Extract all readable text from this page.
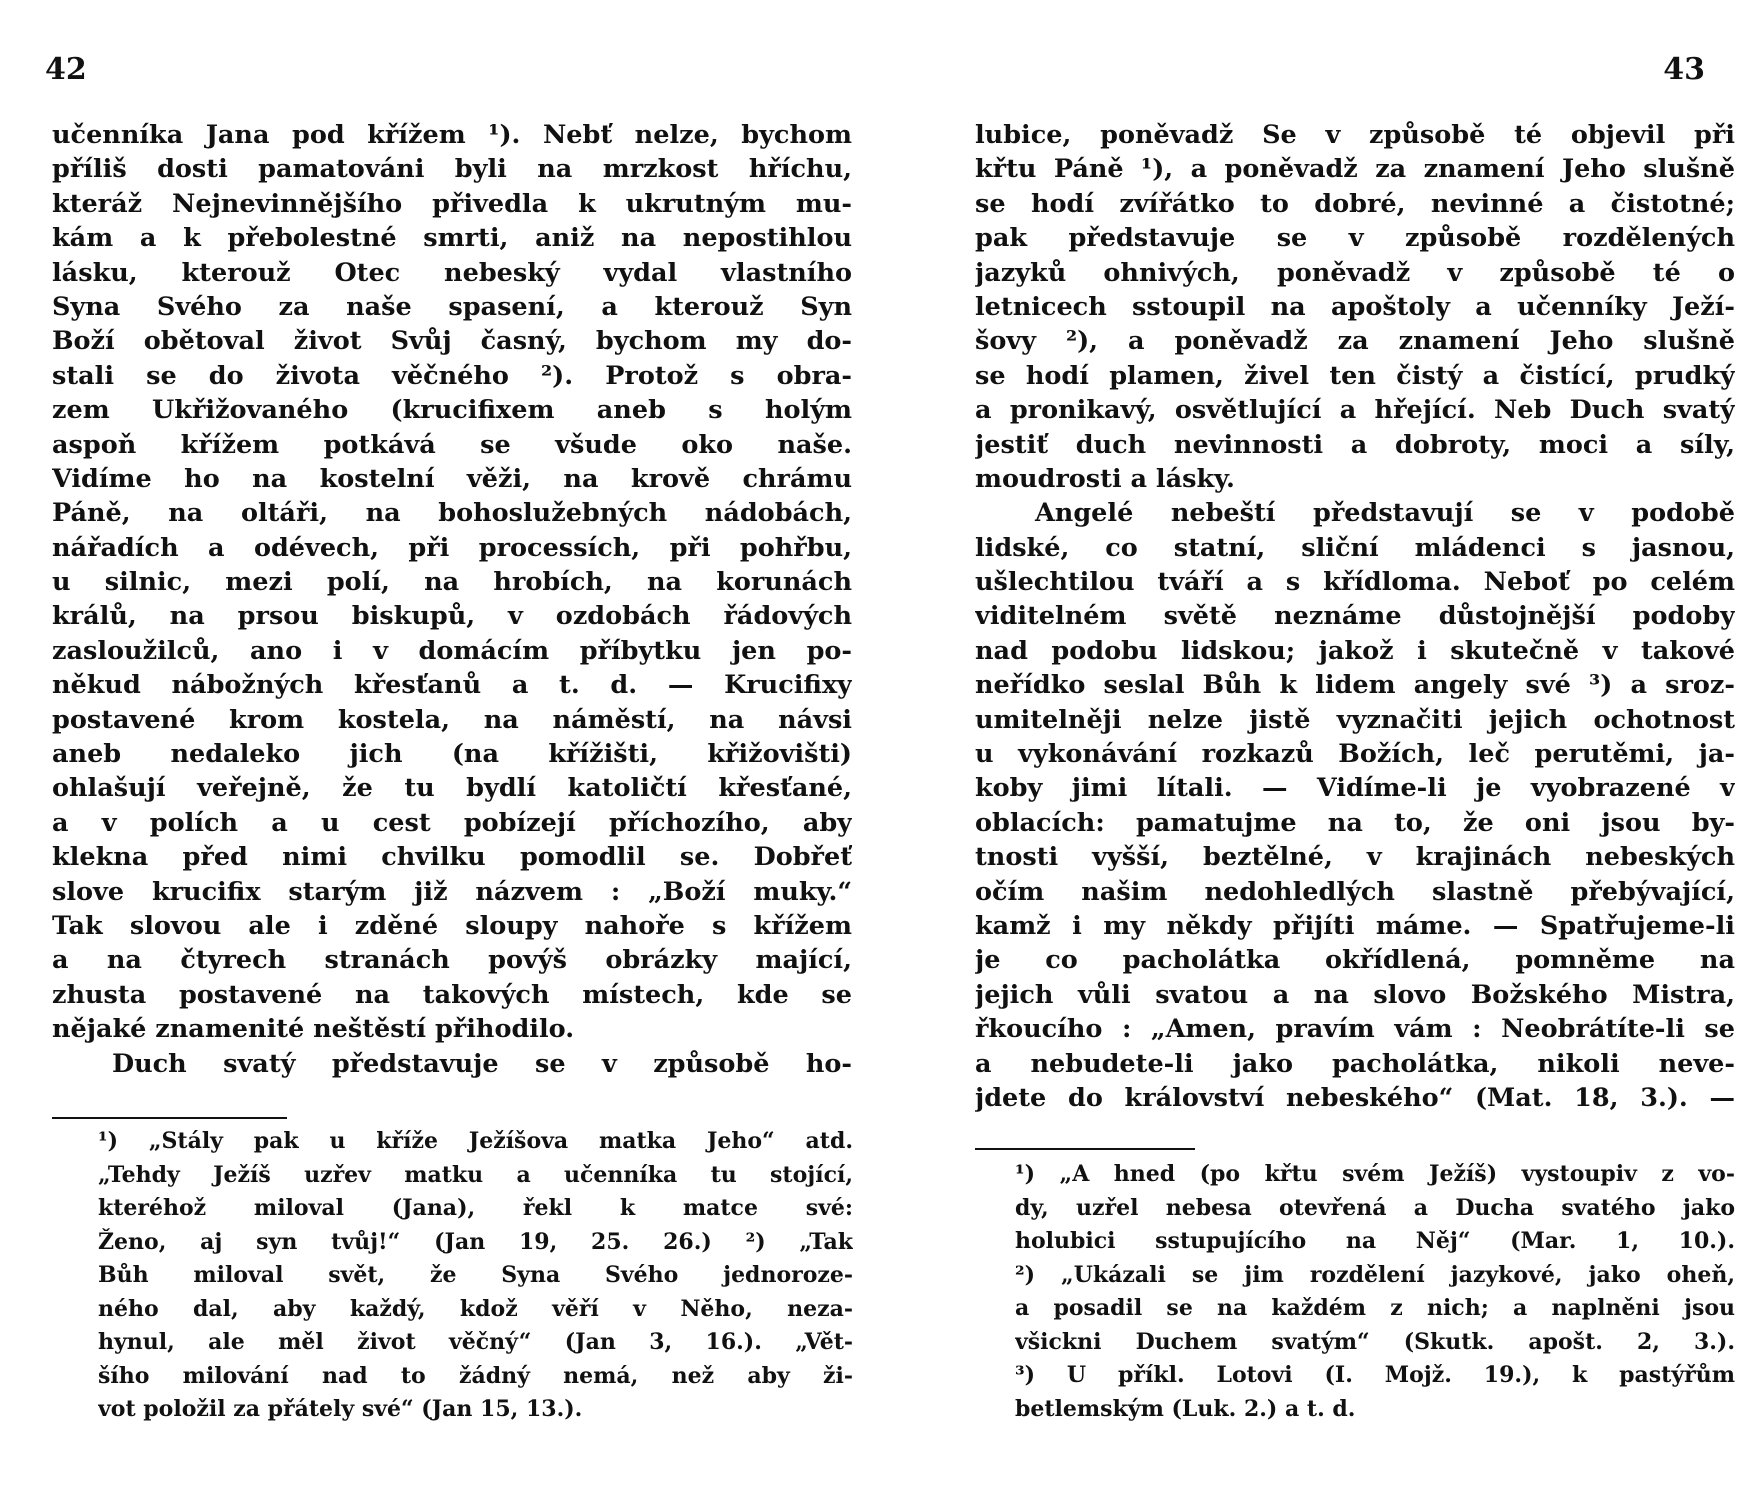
42
učenníka Jana pod křížem ¹). Nebť nelze, bychom
příliš dosti pamatováni byli na mrzkost hříchu,
kteráž Nejnevinnějšího přivedla k ukrutným mu-
kám a k přebolestné smrti, aniž na nepostihlou
lásku, kterouž Otec nebeský vydal vlastního
Syna Svého za naše spasení, a kterouž Syn
Boží obětoval život Svůj časný, bychom my do-
stali se do života věčného ²). Protož s obra-
zem Ukřižovaného (krucifixem aneb s holým
aspoň křížem potkává se všude oko naše.
Vidíme ho na kostelní věži, na krově chrámu
Páně, na oltáři, na bohoslužebných nádobách,
nářadích a odévech, při processích, při pohřbu,
u silnic, mezi polí, na hrobích, na korunách
králů, na prsou biskupů, v ozdobách řádových
zasloužilců, ano i v domácím příbytku jen po-
někud nábožných křesťanů a t. d. — Krucifixy
postavené krom kostela, na náměstí, na návsi
aneb nedaleko jich (na křížišti, křižovišti)
ohlašují veřejně, že tu bydlí katoličtí křesťané,
a v polích a u cest pobízejí příchozího, aby
klekna před nimi chvilku pomodlil se. Dobřeť
slove krucifix starým již názvem : „Boží muky.“
Tak slovou ale i zděné sloupy nahoře s křížem
a na čtyrech stranách povýš obrázky mající,
zhusta postavené na takových místech, kde se
nějaké znamenité neštěstí přihodilo.
Duch svatý představuje se v způsobě ho-
¹) „Stály pak u kříže Ježíšova matka Jeho“ atd.
„Tehdy Ježíš uzřev matku a učenníka tu stojící,
kteréhož miloval (Jana), řekl k matce své:
Ženo, aj syn tvůj!“ (Jan 19, 25. 26.) ²) „Tak
Bůh miloval svět, že Syna Svého jednoroze-
ného dal, aby každý, kdož věří v Něho, neza-
hynul, ale měl život věčný“ (Jan 3, 16.). „Vět-
šího milování nad to žádný nemá, než aby ži-
vot položil za přátely své“ (Jan 15, 13.).
43
lubice, poněvadž Se v způsobě té objevil při
křtu Páně ¹), a poněvadž za znamení Jeho slušně
se hodí zvířátko to dobré, nevinné a čistotné;
pak představuje se v způsobě rozdělených
jazyků ohnivých, poněvadž v způsobě té o
letnicech sstoupil na apoštoly a učenníky Ježí-
šovy ²), a poněvadž za znamení Jeho slušně
se hodí plamen, živel ten čistý a čistící, prudký
a pronikavý, osvětlující a hřející. Neb Duch svatý
jestiť duch nevinnosti a dobroty, moci a síly,
moudrosti a lásky.
Angelé nebeští představují se v podobě
lidské, co statní, sliční mládenci s jasnou,
ušlechtilou tváří a s křídloma. Neboť po celém
viditelném světě neznáme důstojnější podoby
nad podobu lidskou; jakož i skutečně v takové
neřídko seslal Bůh k lidem angely své ³) a sroz-
umitelněji nelze jistě vyznačiti jejich ochotnost
u vykonávání rozkazů Božích, leč perutěmi, ja-
koby jimi lítali. — Vidíme-li je vyobrazené v
oblacích: pamatujme na to, že oni jsou by-
tnosti vyšší, beztělné, v krajinách nebeských
očím našim nedohledlých slastně přebývající,
kamž i my někdy přijíti máme. — Spatřujeme-li
je co pacholátka okřídlená, pomněme na
jejich vůli svatou a na slovo Božského Mistra,
řkoucího : „Amen, pravím vám : Neobrátíte-li se
a nebudete-li jako pacholátka, nikoli neve-
jdete do království nebeského“ (Mat. 18, 3.). —
¹) „A hned (po křtu svém Ježíš) vystoupiv z vo-
dy, uzřel nebesa otevřená a Ducha svatého jako
holubici sstupujícího na Něj“ (Mar. 1, 10.).
²) „Ukázali se jim rozdělení jazykové, jako oheň,
a posadil se na každém z nich; a naplněni jsou
všickni Duchem svatým“ (Skutk. apošt. 2, 3.).
³) U příkl. Lotovi (I. Mojž. 19.), k pastýřům
betlemským (Luk. 2.) a t. d.
